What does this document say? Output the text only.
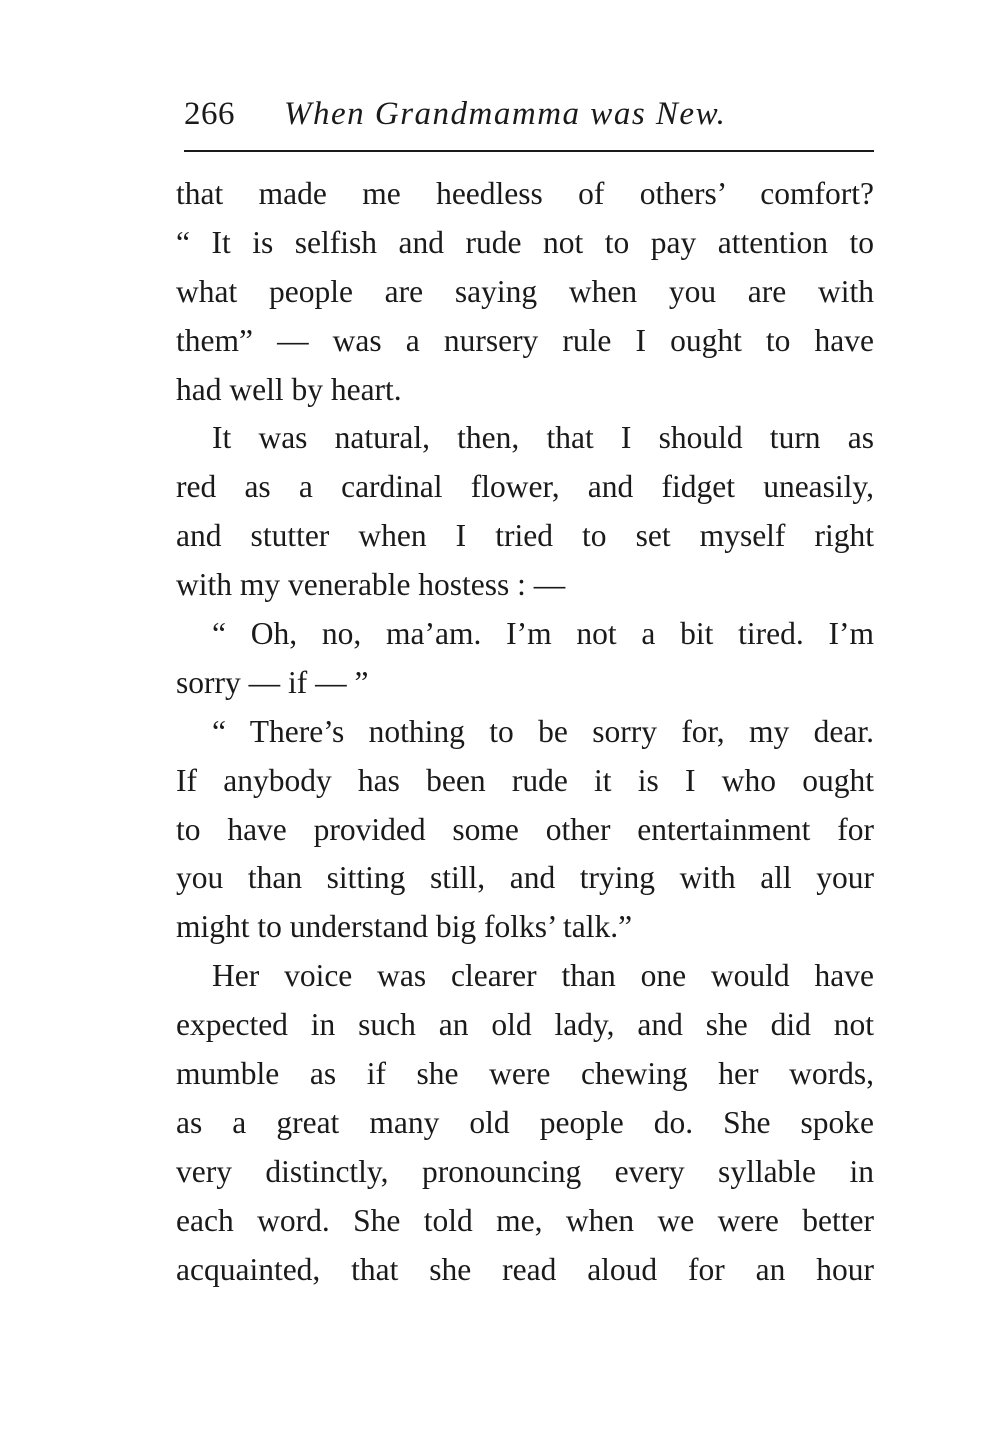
266 When Grandmamma was New.
that made me heedless of others’ comfort?
“ It is selfish and rude not to pay attention to
what people are saying when you are with
them” — was a nursery rule I ought to have
had well by heart.
It was natural, then, that I should turn as
red as a cardinal flower, and fidget uneasily,
and stutter when I tried to set myself right
with my venerable hostess : —
“ Oh, no, ma’am. I’m not a bit tired. I’m
sorry — if — ”
“ There’s nothing to be sorry for, my dear.
If anybody has been rude it is I who ought
to have provided some other entertainment for
you than sitting still, and trying with all your
might to understand big folks’ talk.”
Her voice was clearer than one would have
expected in such an old lady, and she did not
mumble as if she were chewing her words,
as a great many old people do. She spoke
very distinctly, pronouncing every syllable in
each word. She told me, when we were better
acquainted, that she read aloud for an hour
